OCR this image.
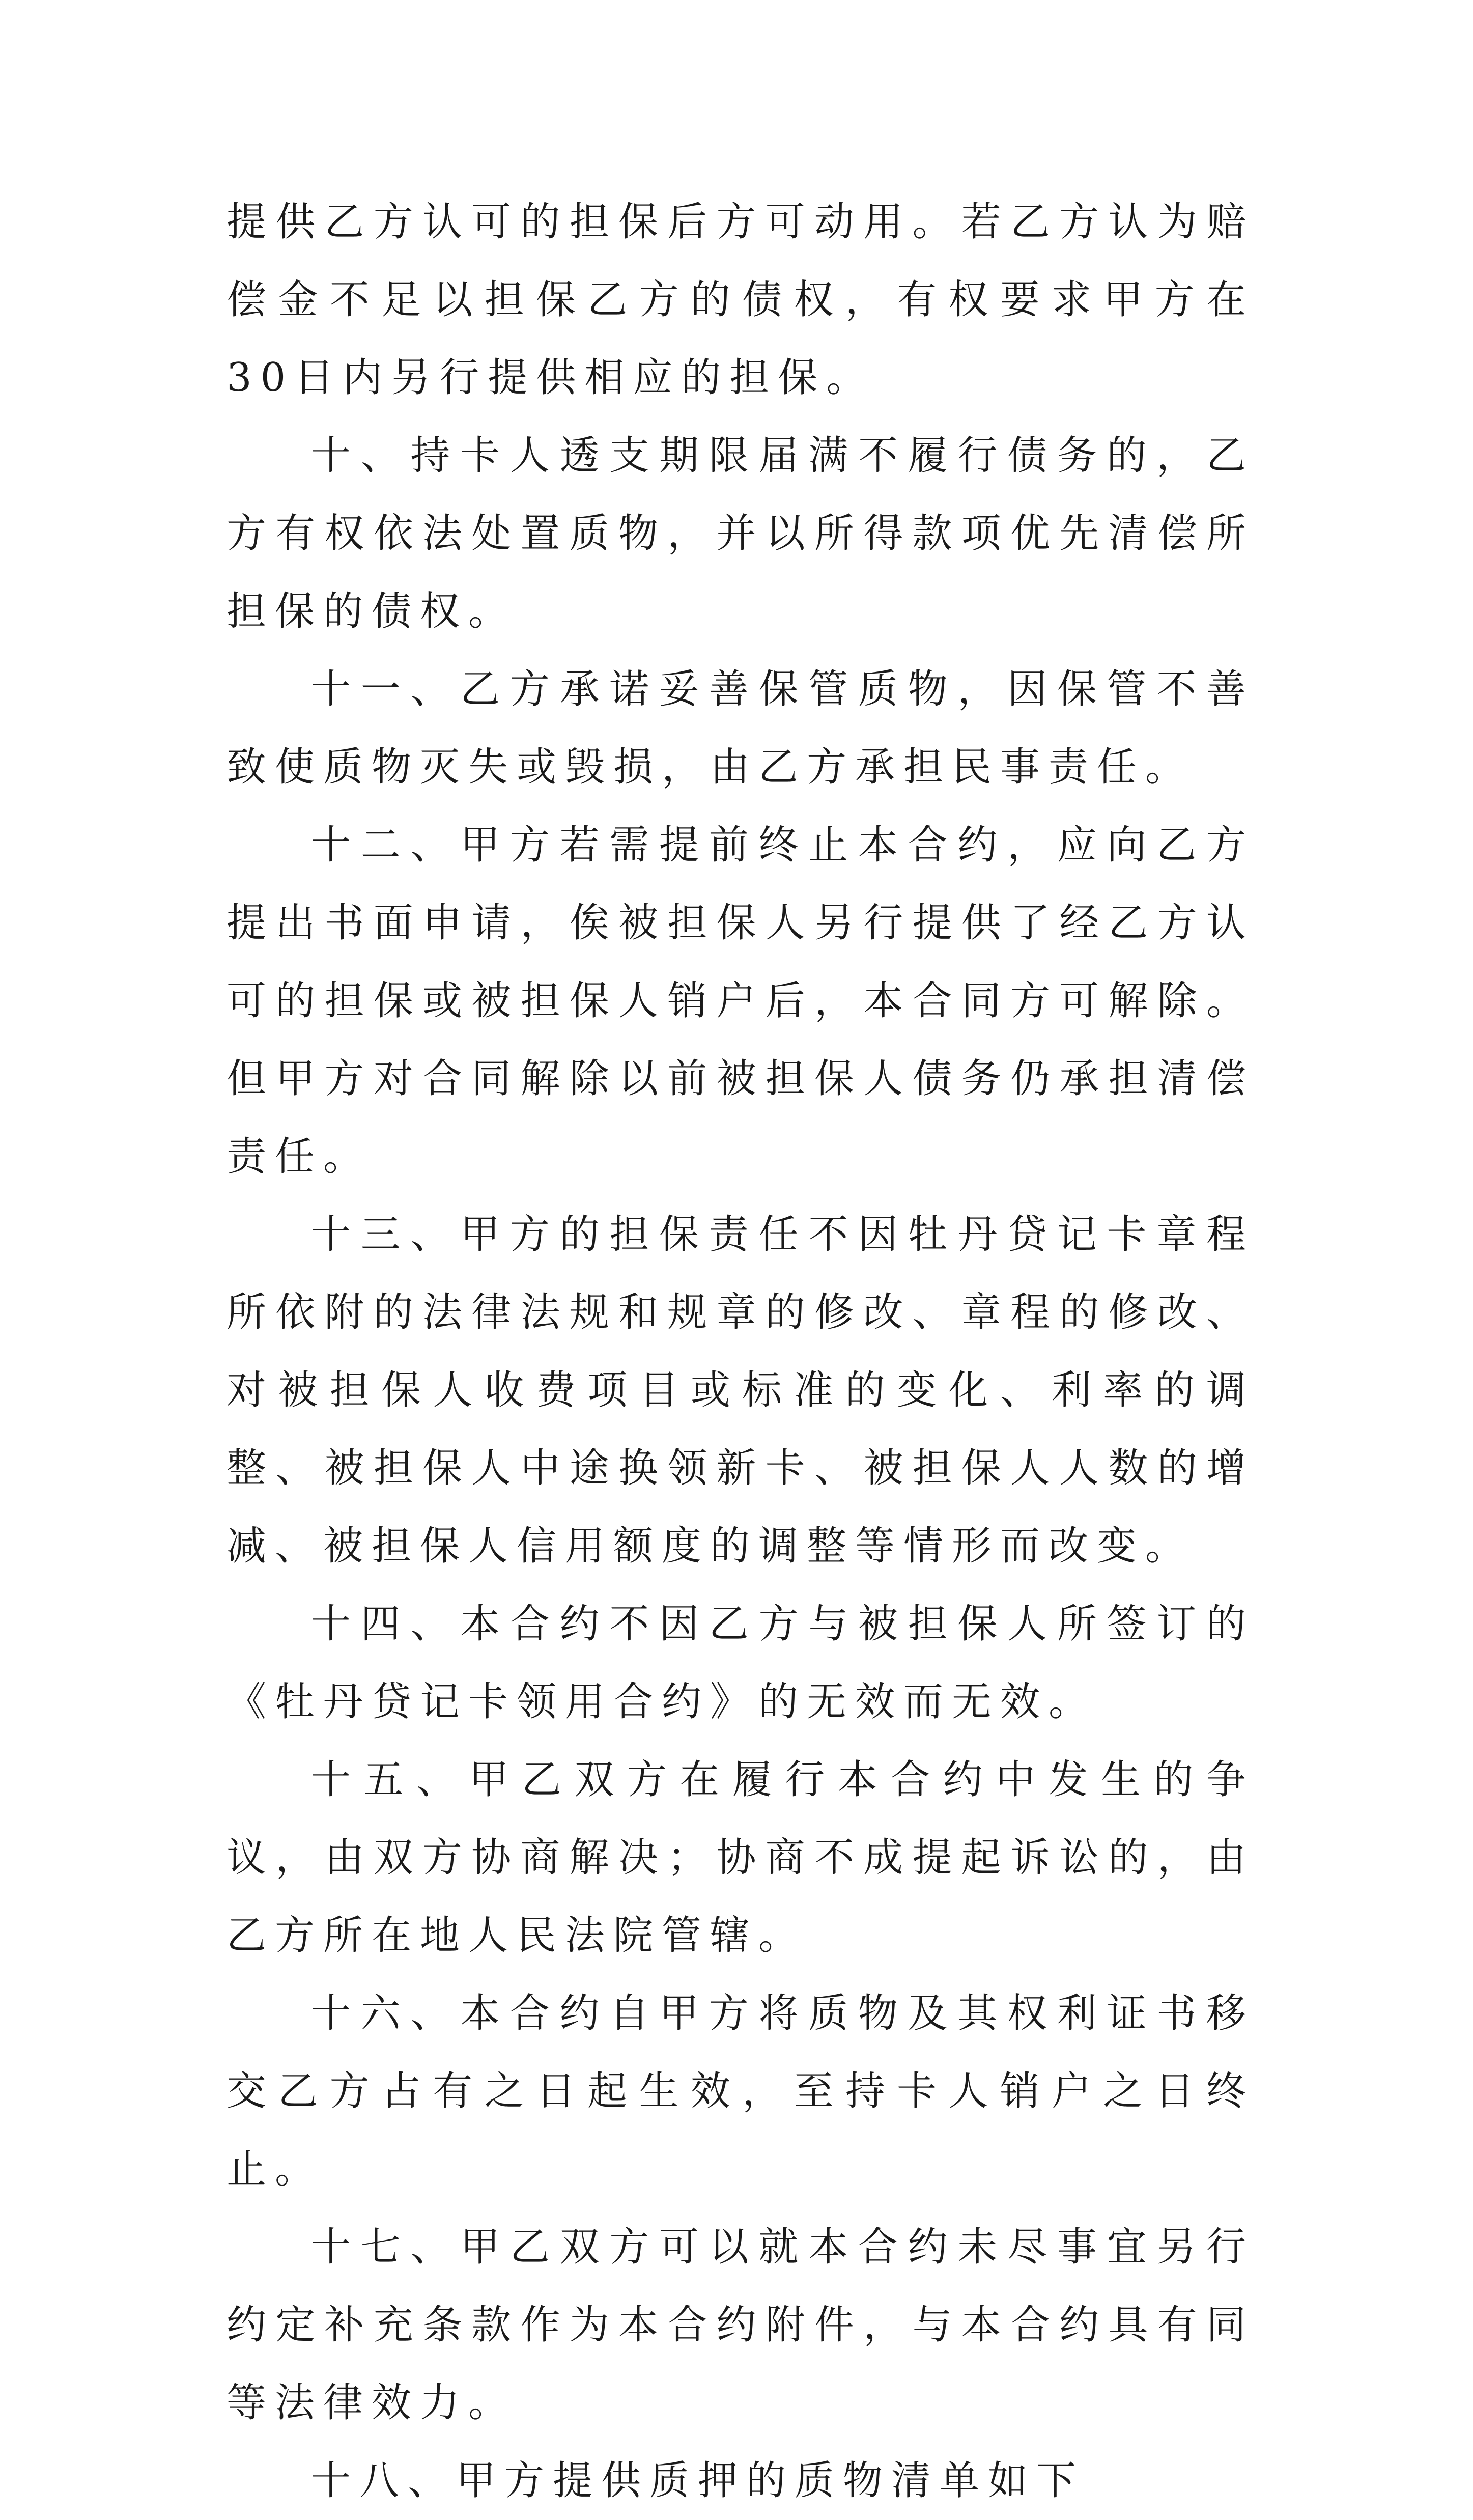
提供乙方认可的担保后方可动用。若乙方认为赔偿金不足以担保乙方的债权，有权要求甲方在30日内另行提供相应的担保。

十、持卡人透支期限届满不履行债务的，乙方有权依法处置质物，并以所得款项优先清偿所担保的债权。

十一、乙方承诺妥善保管质物，因保管不善致使质物灭失或毁损，由乙方承担民事责任。

十二、甲方若需提前终止本合约，应向乙方提出书面申请，俟被担保人另行提供了经乙方认可的担保或被担保人销户后，本合同方可解除。但甲方对合同解除以前被担保人债务仍承担清偿责任。

十三、甲方的担保责任不因牡丹贷记卡章程所依附的法律法规和规章的修改、章程的修改、对被担保人收费项目或标准的变化、利率的调整、被担保人中途换领新卡、被担保人人数的增减、被担保人信用额度的调整等情形而改变。

十四、本合约不因乙方与被担保人所签订的《牡丹贷记卡领用合约》的无效而无效。

十五、甲乙双方在履行本合约中发生的争议，由双方协商解决；协商不成提起诉讼的，由乙方所在地人民法院管辖。

十六、本合约自甲方将质物及其权利证书移交乙方占有之日起生效，至持卡人销户之日终止。

十七、甲乙双方可以就本合约未尽事宜另行约定补充条款作为本合约附件，与本合约具有同等法律效力。

十八、甲方提供质押的质物清单如下
